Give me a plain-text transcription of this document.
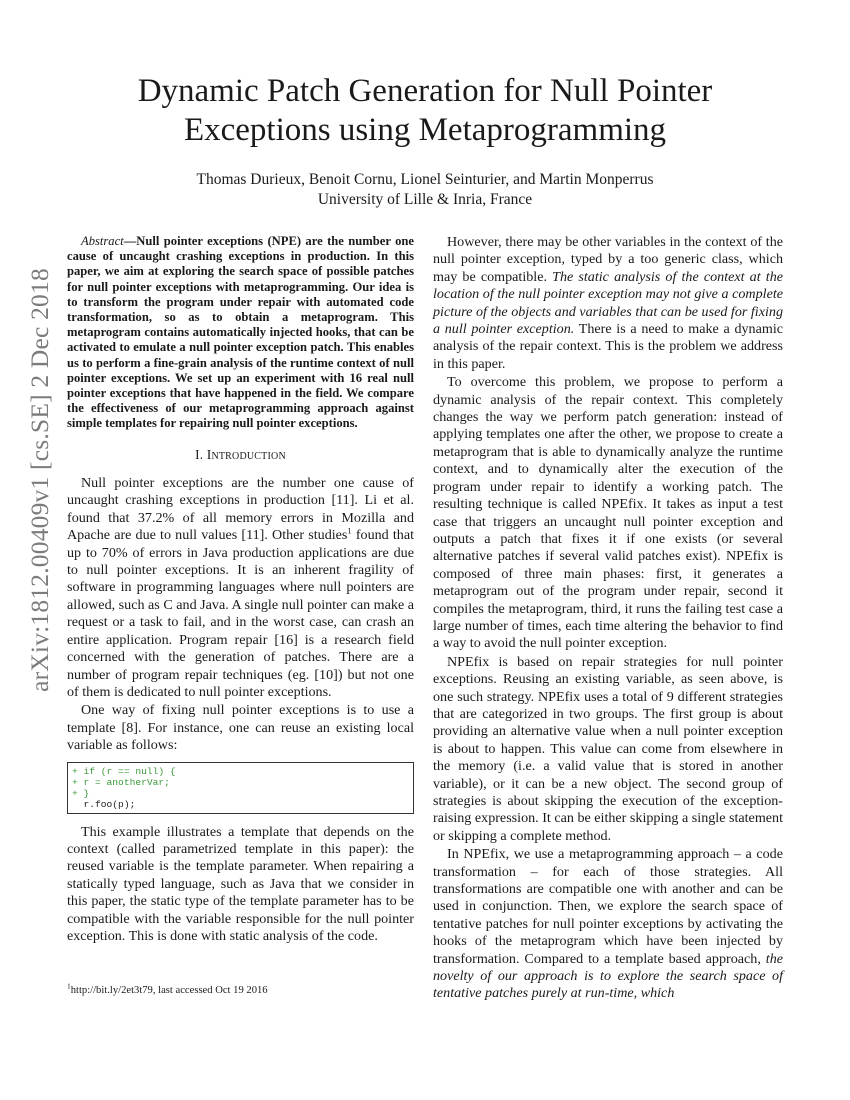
arXiv:1812.00409v1 [cs.SE] 2 Dec 2018
Dynamic Patch Generation for Null Pointer
Exceptions using Metaprogramming
Thomas Durieux, Benoit Cornu, Lionel Seinturier, and Martin Monperrus
University of Lille & Inria, France

Abstract—Null pointer exceptions (NPE) are the number one cause of uncaught crashing exceptions in production. In this paper, we aim at exploring the search space of possible patches for null pointer exceptions with metaprogramming. Our idea is to transform the program under repair with automated code transformation, so as to obtain a metaprogram. This metaprogram contains automatically injected hooks, that can be activated to emulate a null pointer exception patch. This enables us to perform a fine-grain analysis of the runtime context of null pointer exceptions. We set up an experiment with 16 real null pointer exceptions that have happened in the field. We compare the effectiveness of our metaprogramming approach against simple templates for repairing null pointer exceptions.

I. Introduction

Null pointer exceptions are the number one cause of uncaught crashing exceptions in production [11]. Li et al. found that 37.2% of all memory errors in Mozilla and Apache are due to null values [11]. Other studies$^1$ found that up to 70% of errors in Java production applications are due to null pointer exceptions. It is an inherent fragility of software in programming languages where null pointers are allowed, such as C and Java. A single null pointer can make a request or a task to fail, and in the worst case, can crash an entire application. Program repair [16] is a research field concerned with the generation of patches. There are a number of program repair techniques (eg. [10]) but not one of them is dedicated to null pointer exceptions.

One way of fixing null pointer exceptions is to use a template [8]. For instance, one can reuse an existing local variable as follows:

+ if (r == null) {
+ r = anotherVar;
+ }
r.foo(p);

This example illustrates a template that depends on the context (called parametrized template in this paper): the reused variable is the template parameter. When repairing a statically typed language, such as Java that we consider in this paper, the static type of the template parameter has to be compatible with the variable responsible for the null pointer exception. This is done with static analysis of the code.

$^1$http://bit.ly/2et3t79, last accessed Oct 19 2016

However, there may be other variables in the context of the null pointer exception, typed by a too generic class, which may be compatible. The static analysis of the context at the location of the null pointer exception may not give a complete picture of the objects and variables that can be used for fixing a null pointer exception. There is a need to make a dynamic analysis of the repair context. This is the problem we address in this paper.

To overcome this problem, we propose to perform a dynamic analysis of the repair context. This completely changes the way we perform patch generation: instead of applying templates one after the other, we propose to create a metaprogram that is able to dynamically analyze the runtime context, and to dynamically alter the execution of the program under repair to identify a working patch. The resulting technique is called NPEfix. It takes as input a test case that triggers an uncaught null pointer exception and outputs a patch that fixes it if one exists (or several alternative patches if several valid patches exist). NPEfix is composed of three main phases: first, it generates a metaprogram out of the program under repair, second it compiles the metaprogram, third, it runs the failing test case a large number of times, each time altering the behavior to find a way to avoid the null pointer exception.

NPEfix is based on repair strategies for null pointer exceptions. Reusing an existing variable, as seen above, is one such strategy. NPEfix uses a total of 9 different strategies that are categorized in two groups. The first group is about providing an alternative value when a null pointer exception is about to happen. This value can come from elsewhere in the memory (i.e. a valid value that is stored in another variable), or it can be a new object. The second group of strategies is about skipping the execution of the exception-raising expression. It can be either skipping a single statement or skipping a complete method.

In NPEfix, we use a metaprogramming approach – a code transformation – for each of those strategies. All transformations are compatible one with another and can be used in conjunction. Then, we explore the search space of tentative patches for null pointer exceptions by activating the hooks of the metaprogram which have been injected by transformation. Compared to a template based approach, the novelty of our approach is to explore the search space of tentative patches purely at run-time, which
